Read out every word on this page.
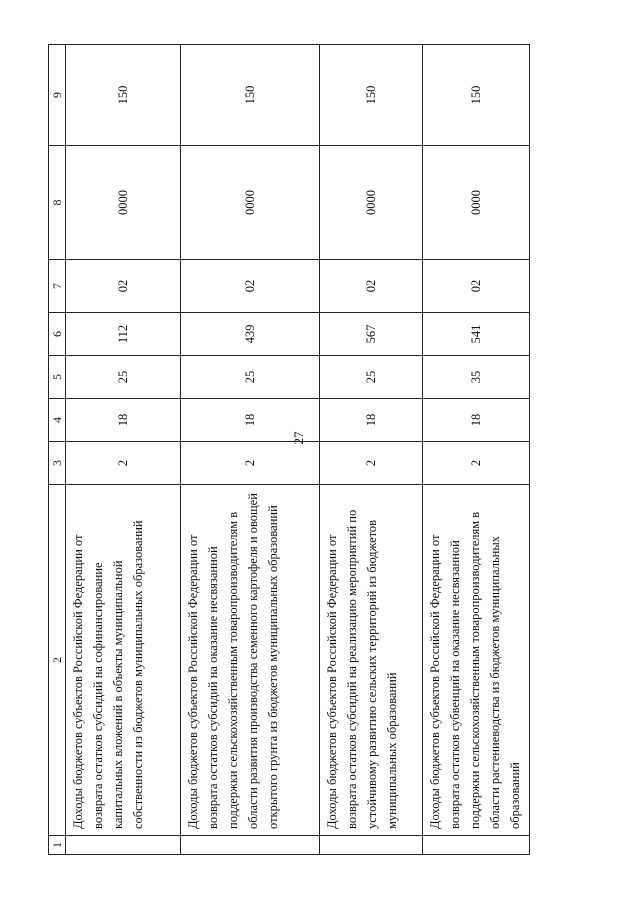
27
1	2	3	4	5	6	7	8	9
	Доходы бюджетов субъектов Российской Федерации от возврата остатков субсидий на софинансирование капитальных вложений в объекты муниципальной собственности из бюджетов муниципальных образований	2	18	25	112	02	0000	150
	Доходы бюджетов субъектов Российской Федерации от возврата остатков субсидий на оказание несвязанной поддержки сельскохозяйственным товаропроизводителям в области развития производства семенного картофеля и овощей открытого грунта из бюджетов муниципальных образований	2	18	25	439	02	0000	150
	Доходы бюджетов субъектов Российской Федерации от возврата остатков субсидий на реализацию мероприятий по устойчивому развитию сельских территорий из бюджетов муниципальных образований	2	18	25	567	02	0000	150
	Доходы бюджетов субъектов Российской Федерации от возврата остатков субвенций на оказание несвязанной поддержки сельскохозяйственным товаропроизводителям в области растениеводства из бюджетов муниципальных образований	2	18	35	541	02	0000	150
